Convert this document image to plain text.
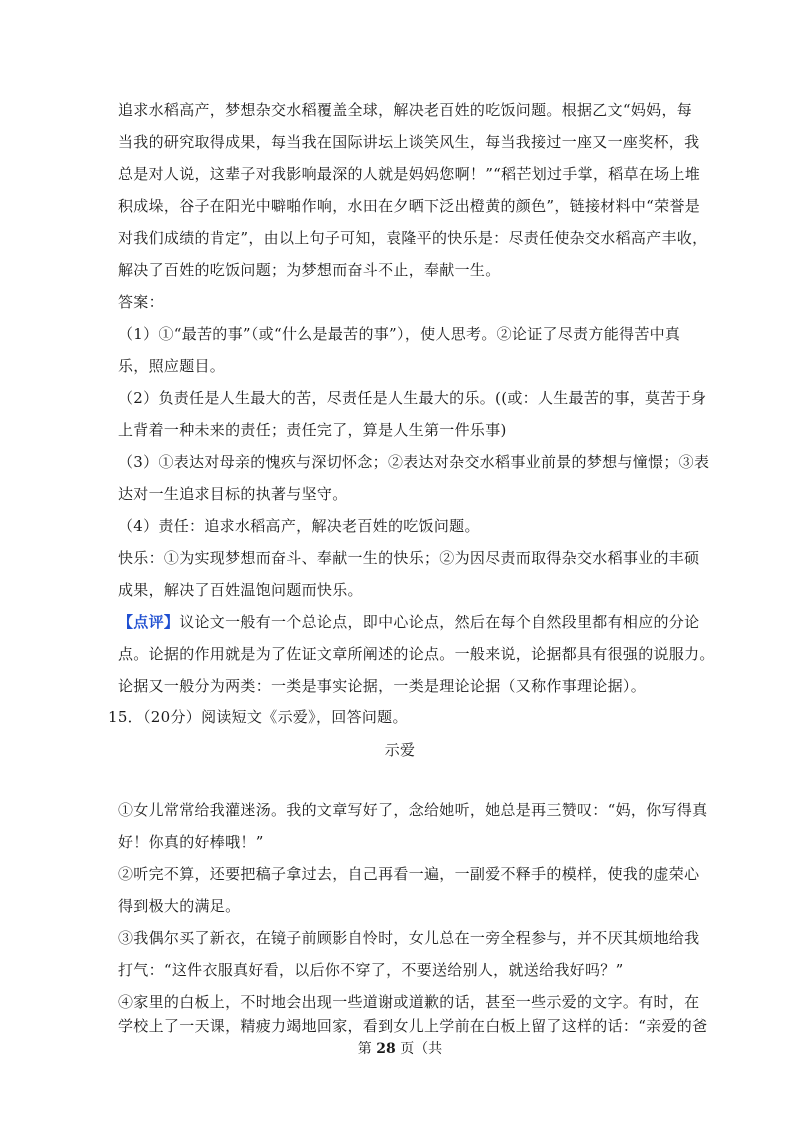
追求水稻高产，梦想杂交水稻覆盖全球，解决老百姓的吃饭问题。根据乙文“妈妈，每
当我的研究取得成果，每当我在国际讲坛上谈笑风生，每当我接过一座又一座奖杯，我
总是对人说，这辈子对我影响最深的人就是妈妈您啊！”“稻芒划过手掌，稻草在场上堆
积成垛，谷子在阳光中噼啪作响，水田在夕晒下泛出橙黄的颜色”，链接材料中“荣誉是
对我们成绩的肯定”，由以上句子可知，袁隆平的快乐是：尽责任使杂交水稻高产丰收，
解决了百姓的吃饭问题；为梦想而奋斗不止，奉献一生。
答案：
（1）①“最苦的事”（或“什么是最苦的事”），使人思考。②论证了尽责方能得苦中真
乐，照应题目。
（2）负责任是人生最大的苦，尽责任是人生最大的乐。((或：人生最苦的事，莫苦于身
上背着一种未来的责任；责任完了，算是人生第一件乐事)
（3）①表达对母亲的愧疚与深切怀念；②表达对杂交水稻事业前景的梦想与憧憬；③表
达对一生追求目标的执著与坚守。
（4）责任：追求水稻高产，解决老百姓的吃饭问题。
快乐：①为实现梦想而奋斗、奉献一生的快乐；②为因尽责而取得杂交水稻事业的丰硕
成果，解决了百姓温饱问题而快乐。
【点评】议论文一般有一个总论点，即中心论点，然后在每个自然段里都有相应的分论
点。论据的作用就是为了佐证文章所阐述的论点。一般来说，论据都具有很强的说服力。
论据又一般分为两类：一类是事实论据，一类是理论论据（又称作事理论据）。
15．（20分）阅读短文《示爱》，回答问题。
示爱
①女儿常常给我灌迷汤。我的文章写好了，念给她听，她总是再三赞叹：“妈，你写得真
好！你真的好棒哦！”
②听完不算，还要把稿子拿过去，自己再看一遍，一副爱不释手的模样，使我的虚荣心
得到极大的满足。
③我偶尔买了新衣，在镜子前顾影自怜时，女儿总在一旁全程参与，并不厌其烦地给我
打气：“这件衣服真好看，以后你不穿了，不要送给别人，就送给我好吗？”
④家里的白板上，不时地会出现一些道谢或道歉的话，甚至一些示爱的文字。有时，在
学校上了一天课，精疲力竭地回家，看到女儿上学前在白板上留了这样的话：“亲爱的爸
第 28 页（共
